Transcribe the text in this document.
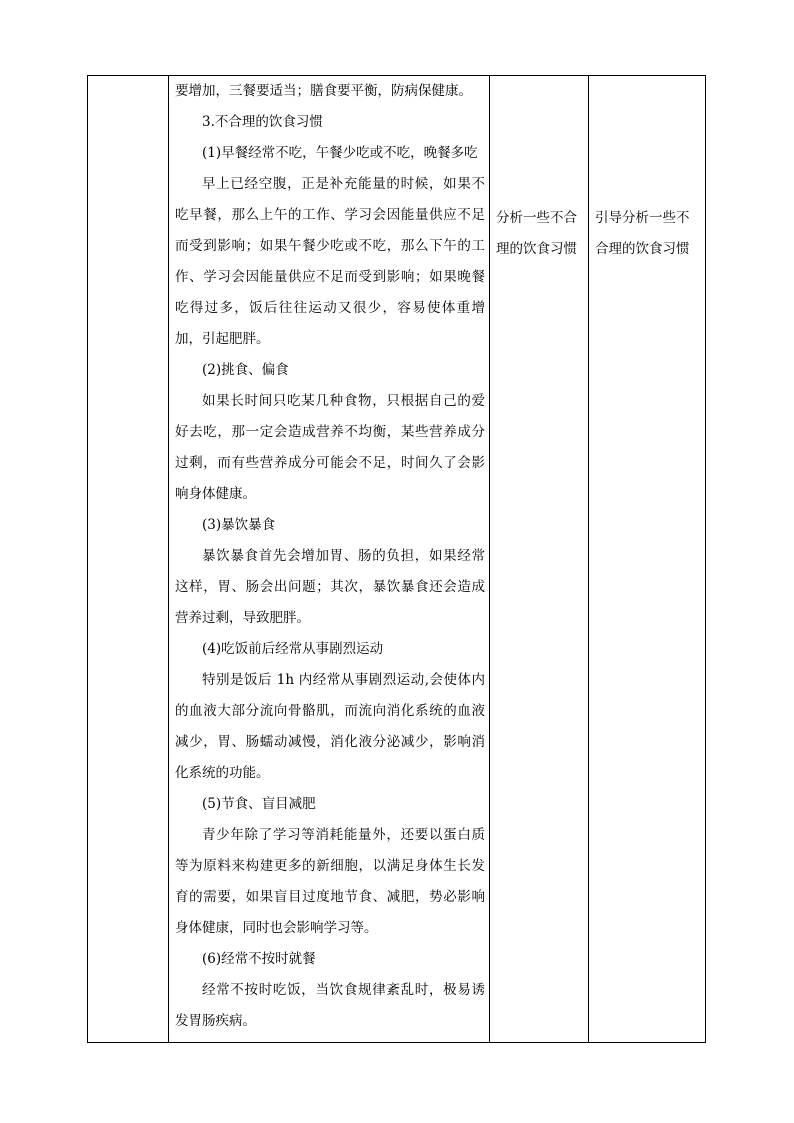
要增加，三餐要适当；膳食要平衡，防病保健康。

3.不合理的饮食习惯

(1)早餐经常不吃，午餐少吃或不吃，晚餐多吃

早上已经空腹，正是补充能量的时候，如果不吃早餐，那么上午的工作、学习会因能量供应不足而受到影响；如果午餐少吃或不吃，那么下午的工作、学习会因能量供应不足而受到影响；如果晚餐吃得过多，饭后往往运动又很少，容易使体重增加，引起肥胖。

(2)挑食、偏食

如果长时间只吃某几种食物，只根据自己的爱好去吃，那一定会造成营养不均衡，某些营养成分过剩，而有些营养成分可能会不足，时间久了会影响身体健康。

(3)暴饮暴食

暴饮暴食首先会增加胃、肠的负担，如果经常这样，胃、肠会出问题；其次，暴饮暴食还会造成营养过剩，导致肥胖。

(4)吃饭前后经常从事剧烈运动

特别是饭后 1h 内经常从事剧烈运动,会使体内的血液大部分流向骨骼肌，而流向消化系统的血液减少，胃、肠蠕动减慢，消化液分泌减少，影响消化系统的功能。

(5)节食、盲目减肥

青少年除了学习等消耗能量外，还要以蛋白质等为原料来构建更多的新细胞，以满足身体生长发育的需要，如果盲目过度地节食、减肥，势必影响身体健康，同时也会影响学习等。

(6)经常不按时就餐

经常不按时吃饭，当饮食规律紊乱时，极易诱发胃肠疾病。

分析一些不合理的饮食习惯
引导分析一些不合理的饮食习惯
